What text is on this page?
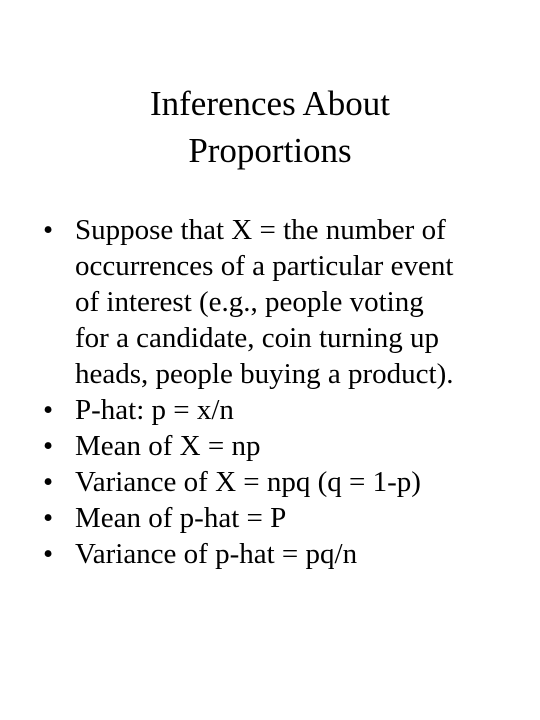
Inferences About
Proportions
• Suppose that X = the number of
occurrences of a particular event
of interest (e.g., people voting
for a candidate, coin turning up
heads, people buying a product).
• P-hat: p = x/n
• Mean of X = np
• Variance of X = npq (q = 1-p)
• Mean of p-hat = P
• Variance of p-hat = pq/n
